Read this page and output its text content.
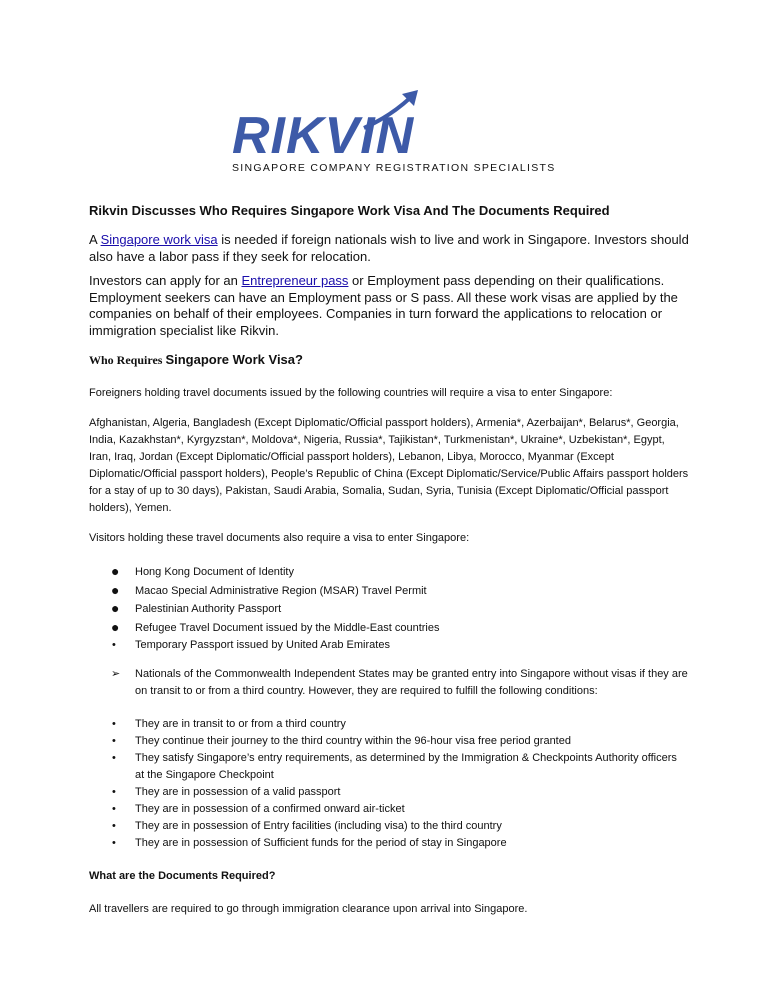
RIKVIN
SINGAPORE COMPANY REGISTRATION SPECIALISTS
Rikvin Discusses Who Requires Singapore Work Visa And The Documents Required

A Singapore work visa is needed if foreign nationals wish to live and work in Singapore. Investors should also have a labor pass if they seek for relocation.

Investors can apply for an Entrepreneur pass or Employment pass depending on their qualifications. Employment seekers can have an Employment pass or S pass. All these work visas are applied by the companies on behalf of their employees. Companies in turn forward the applications to relocation or immigration specialist like Rikvin.

Who Requires Singapore Work Visa?

Foreigners holding travel documents issued by the following countries will require a visa to enter Singapore:

Afghanistan, Algeria, Bangladesh (Except Diplomatic/Official passport holders), Armenia*, Azerbaijan*, Belarus*, Georgia, India, Kazakhstan*, Kyrgyzstan*, Moldova*, Nigeria, Russia*, Tajikistan*, Turkmenistan*, Ukraine*, Uzbekistan*, Egypt, Iran, Iraq, Jordan (Except Diplomatic/Official passport holders), Lebanon, Libya, Morocco, Myanmar (Except Diplomatic/Official passport holders), People’s Republic of China (Except Diplomatic/Service/Public Affairs passport holders for a stay of up to 30 days), Pakistan, Saudi Arabia, Somalia, Sudan, Syria, Tunisia (Except Diplomatic/Official passport holders), Yemen.

Visitors holding these travel documents also require a visa to enter Singapore:

● Hong Kong Document of Identity
● Macao Special Administrative Region (MSAR) Travel Permit
● Palestinian Authority Passport
● Refugee Travel Document issued by the Middle-East countries
• Temporary Passport issued by United Arab Emirates
➢ Nationals of the Commonwealth Independent States may be granted entry into Singapore without visas if they are on transit to or from a third country. However, they are required to fulfill the following conditions:
• They are in transit to or from a third country
• They continue their journey to the third country within the 96-hour visa free period granted
• They satisfy Singapore’s entry requirements, as determined by the Immigration & Checkpoints Authority officers at the Singapore Checkpoint
• They are in possession of a valid passport
• They are in possession of a confirmed onward air-ticket
• They are in possession of Entry facilities (including visa) to the third country
• They are in possession of Sufficient funds for the period of stay in Singapore
What are the Documents Required?

All travellers are required to go through immigration clearance upon arrival into Singapore.
